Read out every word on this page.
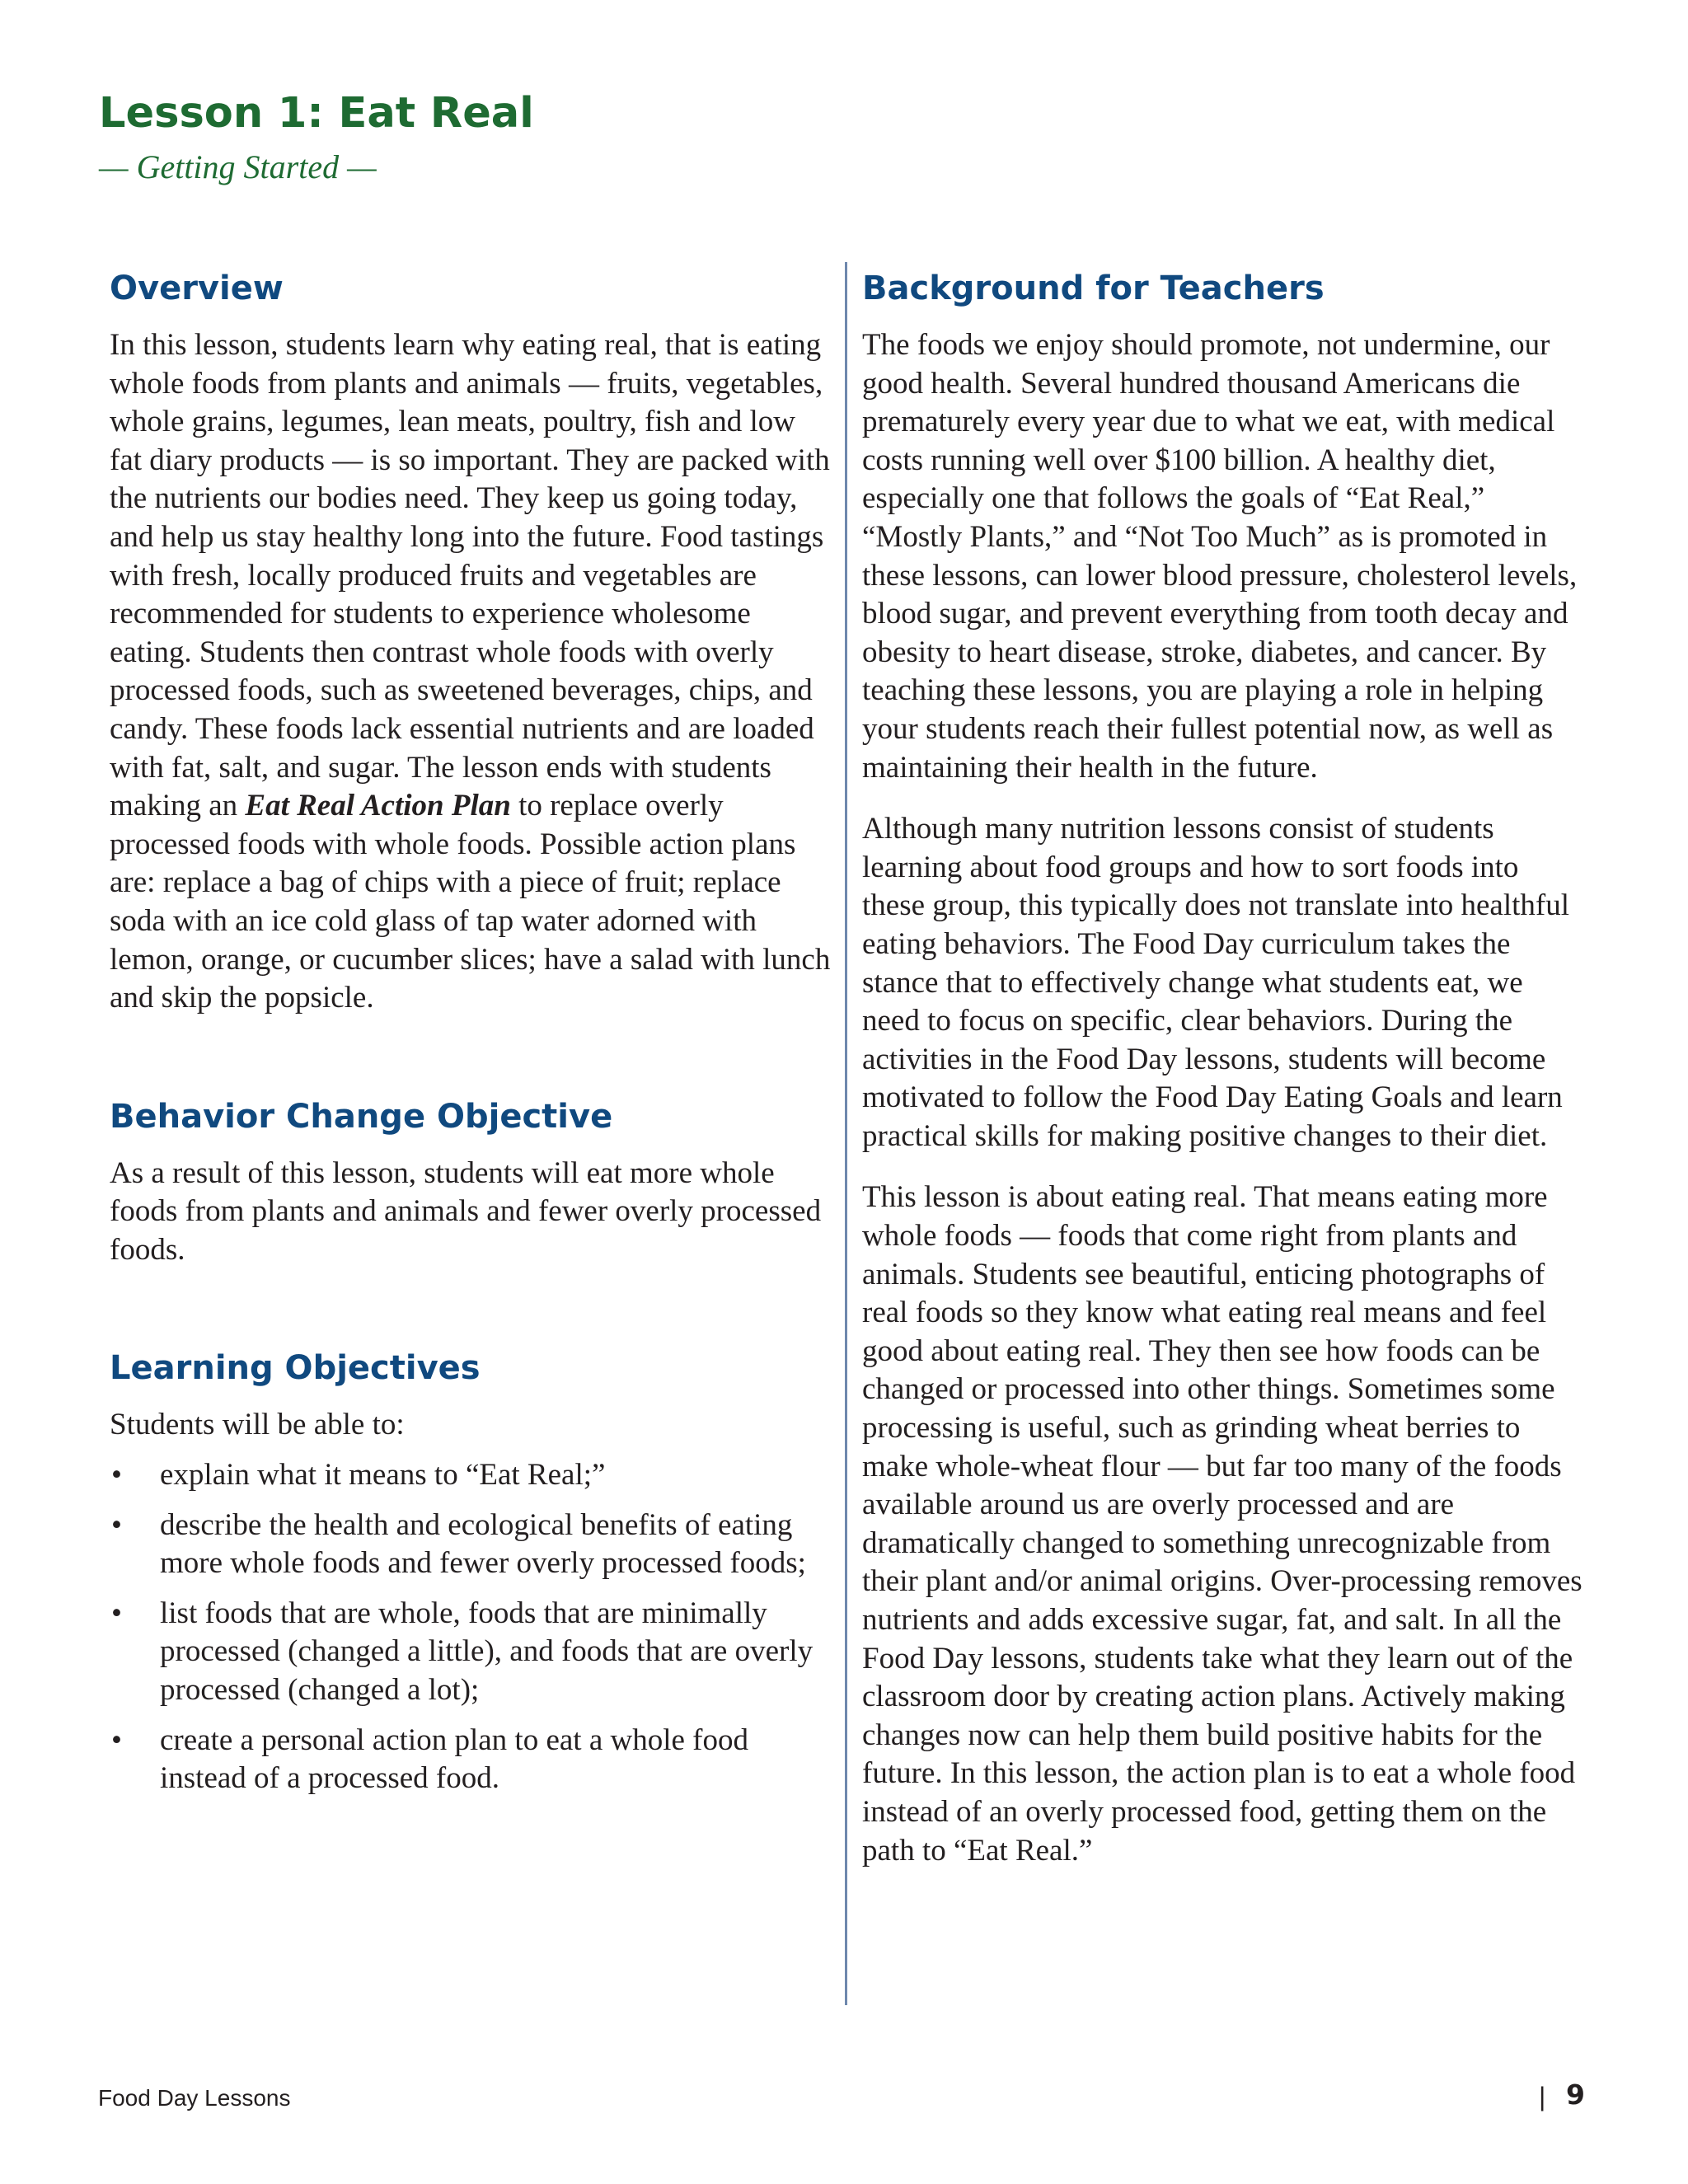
Lesson 1: Eat Real

— Getting Started —

Overview

In this lesson, students learn why eating real, that is eating whole foods from plants and animals — fruits, vegetables, whole grains, legumes, lean meats, poultry, fish and low fat diary products — is so important. They are packed with the nutrients our bodies need. They keep us going today, and help us stay healthy long into the future. Food tastings with fresh, locally produced fruits and vegetables are recommended for students to experience wholesome eating. Students then contrast whole foods with overly processed foods, such as sweetened beverages, chips, and candy. These foods lack essential nutrients and are loaded with fat, salt, and sugar. The lesson ends with students making an Eat Real Action Plan to replace overly processed foods with whole foods. Possible action plans are: replace a bag of chips with a piece of fruit; replace soda with an ice cold glass of tap water adorned with lemon, orange, or cucumber slices; have a salad with lunch and skip the popsicle.

Behavior Change Objective

As a result of this lesson, students will eat more whole foods from plants and animals and fewer overly processed foods.

Learning Objectives

Students will be able to:

• explain what it means to “Eat Real;”
• describe the health and ecological benefits of eating more whole foods and fewer overly processed foods;
• list foods that are whole, foods that are minimally processed (changed a little), and foods that are overly processed (changed a lot);
• create a personal action plan to eat a whole food instead of a processed food.
Background for Teachers

The foods we enjoy should promote, not undermine, our good health. Several hundred thousand Americans die prematurely every year due to what we eat, with medical costs running well over $100 billion. A healthy diet, especially one that follows the goals of “Eat Real,” “Mostly Plants,” and “Not Too Much” as is promoted in these lessons, can lower blood pressure, cholesterol levels, blood sugar, and prevent everything from tooth decay and obesity to heart disease, stroke, diabetes, and cancer. By teaching these lessons, you are playing a role in helping your students reach their fullest potential now, as well as maintaining their health in the future.

Although many nutrition lessons consist of students learning about food groups and how to sort foods into these group, this typically does not translate into healthful eating behaviors. The Food Day curriculum takes the stance that to effectively change what students eat, we need to focus on specific, clear behaviors. During the activities in the Food Day lessons, students will become motivated to follow the Food Day Eating Goals and learn practical skills for making positive changes to their diet.

This lesson is about eating real. That means eating more whole foods — foods that come right from plants and animals. Students see beautiful, enticing photographs of real foods so they know what eating real means and feel good about eating real. They then see how foods can be changed or processed into other things. Sometimes some processing is useful, such as grinding wheat berries to make whole-wheat flour — but far too many of the foods available around us are overly processed and are dramatically changed to something unrecognizable from their plant and/or animal origins. Over-processing removes nutrients and adds excessive sugar, fat, and salt. In all the Food Day lessons, students take what they learn out of the classroom door by creating action plans. Actively making changes now can help them build positive habits for the future. In this lesson, the action plan is to eat a whole food instead of an overly processed food, getting them on the path to “Eat Real.”

Food Day Lessons	| 9
